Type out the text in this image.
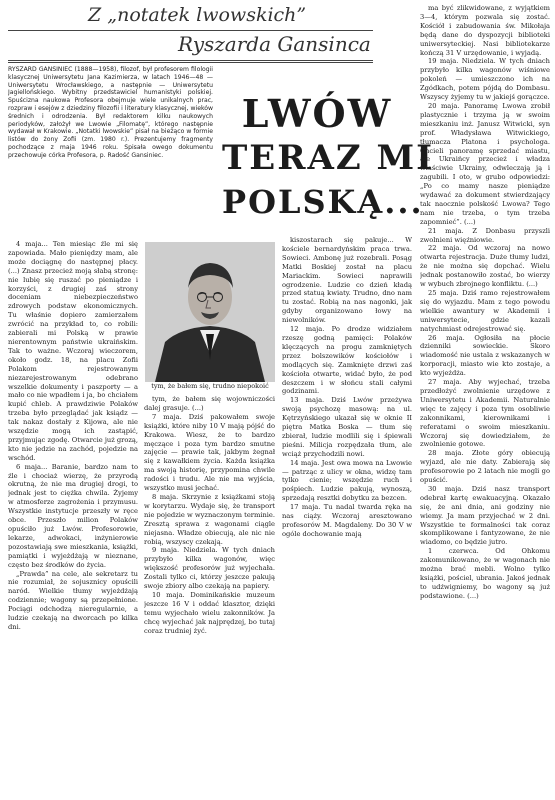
Z „notatek lwowskich”
Ryszarda Gansinca
RYSZARD GANSINIEC (1888—1958), filozof, był profesorem filologii klasycznej Uniwersytetu Jana Kazimierza, w latach 1946—48 — Uniwersytetu Wrocławskiego, a następnie — Uniwersytetu Jagiellońskiego. Wybitny przedstawiciel humanistyki polskiej. Spuścizna naukowa Profesora obejmuje wiele unikalnych prac, rozpraw i esejów z dziedziny filozofii i literatury klasycznej, wieków średnich i odrodzenia. Był redaktorem kilku naukowych periodyków, założył we Lwowie „Filomatę”, którego następnie wydawał w Krakowie. „Notatki lwowskie” pisał na bieżąco w formie listów do żony Zofii (zm. 1980 r.). Prezentujemy fragmenty pochodzące z maja 1946 roku. Spisała owego dokumentu przechowuje córka Profesora, p. Radość Gansiniec.
LWÓW
TERAZ MI
POLSKĄ...
tym, że bałem się, trudno niepokoić

4 maja... Ten miesiąc źle mi się zapowiada. Mało pieniędzy mam, ale może dociągnę do następnej płacy. (...) Znasz przecież moją słabą stronę: nie lubię się ruszać po pieniądze i korzyści, z drugiej zaś strony doceniam niebezpieczeństwo zdrowych podstaw ekonomicznych. Tu właśnie dopiero zamierzałem zwrócić na przykład to, co robili: zabierali mi Polską w prawie nierentownym państwie ukraińskim. Tak to ważne. Wczoraj wieczorem, około godz. 18, na placu Zofii Polakom rejestrowanym niezarejestrowanym odebrano wszelkie dokumenty i paszporty — a mało co nie wpadłem i ja, bo chciałem kupić chleb. A prawdziwie Polaków trzeba było przeglądać jak ksiądz — tak nakaz dostały z Kijowa, ale nie wszędzie mogą ich zastąpić, przyjmując zgodę. Otwarcie już grozą, kto nie jedzie na zachód, pojedzie na wschód.

6 maja... Baranie, bardzo nam to źle i chociaż wierzę, że przyrodą okrutną, że nie ma drugiej drogi, to jednak jest to ciężka chwila. Żyjemy w atmosferze zagrożenia i przymusu. Wszystkie instytucje przeszły w ręce obce. Przeszło milion Polaków opuściło już Lwów. Profesorowie, lekarze, adwokaci, inżynierowie pozostawiają swe mieszkania, książki, pamiątki i wyjeżdżają w nieznane, często bez środków do życia.

„Prawda” na cele, ale sekretarz tu nie rozumiał, że sojusznicy opuścili naród. Wielkie tłumy wyjeżdżają codziennie; wagony są przepełnione. Pociągi odchodzą nieregularnie, a ludzie czekają na dworcach po kilka dni.

tym, że bałem się wojowniczości dalej grasuje. (...)

7 maja. Dziś pakowałem swoje książki, które niby 10 V mają pójść do Krakowa. Wiesz, że to bardzo męczące i poza tym bardzo smutne zajęcie — prawie tak, jakbym żegnał się z kawałkiem życia. Każda książka ma swoją historię, przypomina chwile radości i trudu. Ale nie ma wyjścia, wszystko musi jechać.

8 maja. Skrzynie z książkami stoją w korytarzu. Wydaje się, że transport nie pojedzie w wyznaczonym terminie. Zresztą sprawa z wagonami ciągle niejasna. Władze obiecują, ale nic nie robią, wszyscy czekają.

9 maja. Niedziela. W tych dniach przybyło kilka wagonów, więc większość profesorów już wyjechała. Zostali tylko ci, którzy jeszcze pakują swoje zbiory albo czekają na papiery.

10 maja. Dominikańskie muzeum jeszcze 16 V i oddać klasztor, dzięki temu wyjechało wielu zakonników. Ja chcę wyjechać jak najprędzej, bo tutaj coraz trudniej żyć.

kiszostarach się pakuje... W kościele bernardyńskim praca trwa. Sowieci. Ambonę już rozebrali. Posąg Matki Boskiej został na placu Mariackim. Sowieci naprawili ogrodzenie. Ludzie co dzień kładą przed statuą kwiaty. Trudno, dno nam tu zostać. Robią na nas nagonki, jak gdyby organizowano łowy na niewolników.

12 maja. Po drodze widziałem rzeszę godną pamięci: Polaków klęczących na progu zamkniętych przez bolszewików kościołów i modlących się. Zamknięte drzwi zaś kościoła otwarte, widać było, że pod deszczem i w słońcu stali całymi godzinami.

13 maja. Dziś Lwów przeżywa swoją psychozę masową: na ul. Kętrzyńskiego ukazał się w oknie II piętra Matka Boska — tłum się zbierał, ludzie modlili się i śpiewali pieśni. Milicja rozpędzała tłum, ale wciąż przychodzili nowi.

14 maja. Jest owa mowa na Lwowie — patrząc z ulicy w okna, widzę tam tylko cienie; wszędzie ruch i pośpiech. Ludzie pakują, wynoszą, sprzedają resztki dobytku za bezcen.

17 maja. Tu nadal twarda ręka na nas ciąży. Wczoraj aresztowano profesorów M. Magdaleny. Do 30 V w ogóle dochowanie mają

ma być zlikwidowane, z wyjątkiem 3—4, którym pozwala się zostać. Kościół i zabudowania św. Mikołaja będą dane do dyspozycji biblioteki uniwersyteckiej. Nasi bibliotekarze kończą 31 V urzędowanie, i wyjadą.

19 maja. Niedziela. W tych dniach przybyło kilka wagonów wiśniowe pokoleń — umieszczono ich na Zgódkach, potem pójdą do Dombasu. Wszyscy żyjemy tu w jakiejś gorączce.

20 maja. Panoramę Lwowa zrobił plastycznie i trzyma ją w swoim mieszkaniu inż. Janusz Witwicki, syn prof. Władysława Witwickiego, tłumacza Platona i psychologa. Chcieli panoramę sprzedać miastu, ale Ukraińcy przecież i władza właściwie Ukrainy, odwleczają ją i zagubili. I oto, w grubo odpowiedzi: „Po co mamy nasze pieniądze wydawać za dokument stwierdzający tak naocznie polskość Lwowa? Tego nam nie trzeba, o tym trzeba zapomnieć”. (...)

21 maja. Z Donbasu przyszli zwolnieni więźniowie.

22 maja. Od wczoraj na nowo otwarta rejestracja. Duże tłumy ludzi, że nie można się dopchać. Wielu jednak postanowiło zostać, bo wierzy w wybuch zbrojnego konfliktu. (...)

25 maja. Dziś ramo rejestrowałem się do wyjazdu. Mam z tego powodu wielkie awantury w Akademii i uniwersytecie, gdzie kazali natychmiast odrejestrować się.

26 maja. Ogłosiła na płocie dzienniki sowieckie. Skoro wiadomość nie ustala z wskazanych w korporacji, miasto wie kto zostaje, a kto wyjeżdża.

27 maja. Aby wyjechać, trzeba przedłożyć zwolnienie urzędowe z Uniwersytetu i Akademii. Naturalnie więc te zajęcy i poza tym osobliwie zakonnikami, kierownikami i referatami o swoim mieszkaniu. Wczoraj się dowiedziałem, że zwolnienie gotowe.

28 maja. Złote góry obiecują wyjazd, ale nie daty. Zabierają się profesorowie po 2 latach nie mogli go opuścić.

30 maja. Dziś nasz transport odebrał kartę ewakuacyjną. Okazało się, że ani dnia, ani godziny nie wiemy. Ja mam przyjechać w 2 dni. Wszystkie te formalności tak coraz skomplikowane i fantyzowane, że nie wiadomo, co będzie jutro.

1 czerwca. Od Ohkomu zakomunikowano, że w wagonach nie można brać mebli. Wolno tylko książki, pościel, ubrania. Jakoś jednak to udźwigniemy, bo wagony są już podstawione. (...)
